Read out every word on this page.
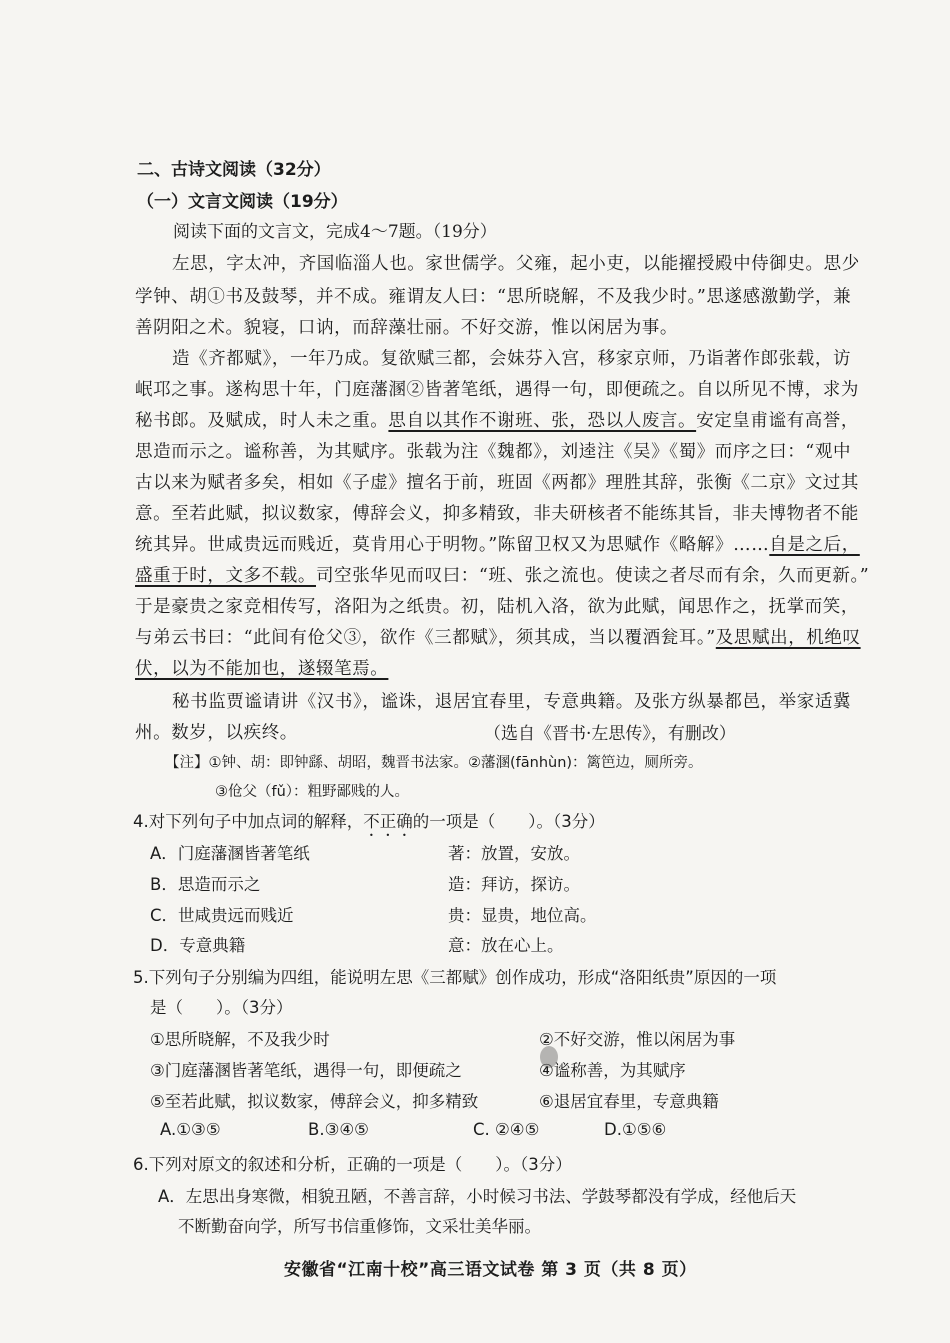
二、古诗文阅读（32分）
（一）文言文阅读（19分）
阅读下面的文言文，完成4～7题。（19分）
左思，字太冲，齐国临淄人也。家世儒学。父雍，起小吏，以能擢授殿中侍御史。思少
学钟、胡①书及鼓琴，并不成。雍谓友人曰：“思所晓解，不及我少时。”思遂感激勤学，兼
善阴阳之术。貌寝，口讷，而辞藻壮丽。不好交游，惟以闲居为事。
造《齐都赋》，一年乃成。复欲赋三都，会妹芬入宫，移家京师，乃诣著作郎张载，访
岷邛之事。遂构思十年，门庭藩溷②皆著笔纸，遇得一句，即便疏之。自以所见不博，求为
秘书郎。及赋成，时人未之重。思自以其作不谢班、张，恐以人废言。安定皇甫谧有高誉，
思造而示之。谧称善，为其赋序。张载为注《魏都》，刘逵注《吴》《蜀》而序之曰：“观中
古以来为赋者多矣，相如《子虚》擅名于前，班固《两都》理胜其辞，张衡《二京》文过其
意。至若此赋，拟议数家，傅辞会义，抑多精致，非夫研核者不能练其旨，非夫博物者不能
统其异。世咸贵远而贱近，莫肯用心于明物。”陈留卫权又为思赋作《略解》……自是之后，
盛重于时，文多不载。司空张华见而叹曰：“班、张之流也。使读之者尽而有余，久而更新。”
于是豪贵之家竞相传写，洛阳为之纸贵。初，陆机入洛，欲为此赋，闻思作之，抚掌而笑，
与弟云书曰：“此间有伧父③，欲作《三都赋》，须其成，当以覆酒瓮耳。”及思赋出，机绝叹
伏，以为不能加也，遂辍笔焉。
秘书监贾谧请讲《汉书》，谧诛，退居宜春里，专意典籍。及张方纵暴都邑，举家适冀
州。数岁，以疾终。	（选自《晋书·左思传》，有删改）
【注】①钟、胡：即钟繇、胡昭，魏晋书法家。②藩溷(fānhùn)：篱笆边，厕所旁。
③伧父（fǔ）：粗野鄙贱的人。
4.对下列句子中加点词的解释，不正确的一项是（　　）。（3分）
A．门庭藩溷皆著笔纸	著：放置，安放。
B．思造而示之	造：拜访，探访。
C．世咸贵远而贱近	贵：显贵，地位高。
D．专意典籍	意：放在心上。
5.下列句子分别编为四组，能说明左思《三都赋》创作成功，形成“洛阳纸贵”原因的一项
是（　　）。（3分）
①思所晓解，不及我少时	②不好交游，惟以闲居为事
③门庭藩溷皆著笔纸，遇得一句，即便疏之	④谧称善，为其赋序
⑤至若此赋，拟议数家，傅辞会义，抑多精致	⑥退居宜春里，专意典籍
A.①③⑤	B.③④⑤	C. ②④⑤	D.①⑤⑥
6.下列对原文的叙述和分析，正确的一项是（　　）。（3分）
A．左思出身寒微，相貌丑陋，不善言辞，小时候习书法、学鼓琴都没有学成，经他后天
不断勤奋向学，所写书信重修饰，文采壮美华丽。
安徽省“江南十校”高三语文试卷 第 3 页（共 8 页）
